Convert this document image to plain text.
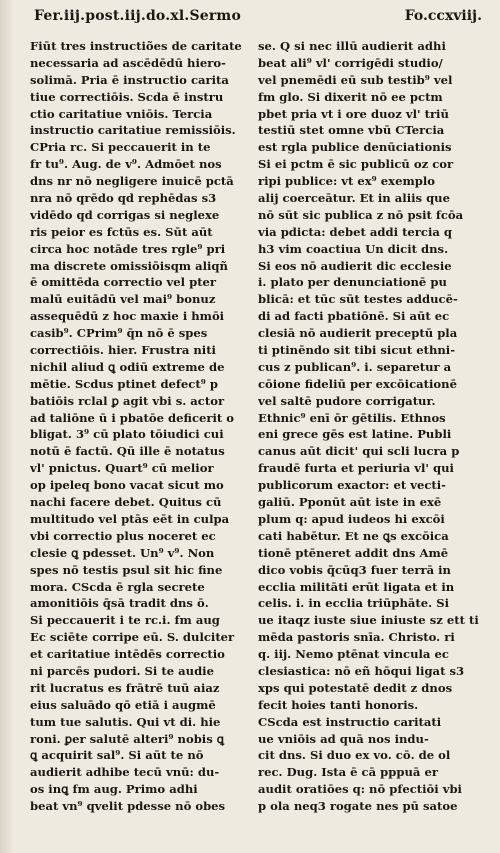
Fer.iij.post.iij.do.xl.Sermo	Fo.ccxviij.
Fiūt tres instructiões de caritate
necessaria ad ascēdēdū hiero-
solimā. Pria ē instructio carita
tiue correctiōis. Scda ē instru
ctio caritatiue vniōis. Tercia
instructio caritatiue remissiōis.
CPria rc. Si peccauerit in te
fr tu⁹. Aug. de v⁹. Admōet nos
dns nr nō negligere inuicē pctā
nra nō qrēdo qd rephēdas s3
vidēdo qd corrigas si neglexe
ris peior es fctūs es. Sūt aūt
circa hoc notāde tres rgle⁹ pri
ma discrete omissiōisqm aliqñ
ē omittēda correctio vel pter
malū euitādū vel mai⁹ bonuz
assequēdū z hoc maxie i hmōi
casib⁹. CPrim⁹ q̄n nō ē spes
correctiōis. hier. Frustra niti
nichil aliud ꝗ odiū extreme de
mētie. Scdus ptinet defect⁹ p
batiōis rclal ꝑ agit vbi s. actor
ad taliōne ū i pbatōe deficerit o
bligat. 3⁹ cū plato tōiudici cui
notū ē factū. Qū ille ē notatus
vl' pnictus. Quart⁹ cū melior
op ipeleq bono vacat sicut mo
nachi facere debet. Quitus cū
multitudo vel ptās eēt in culpa
vbi correctio plus noceret ec
clesie ꝗ pdesset. Un⁹ v⁹. Non
spes nō testis psul sit hic fine
mora. CScda ē rgla secrete
amonitiōis q̄sā tradit dns ō.
Si peccauerit i te rc.i. fm aug
Ec sciēte corripe eū. S. dulciter
et caritatiue intēdēs correctio
ni parcēs pudori. Si te audie
rit lucratus es frātrē tuū aiaz
eius saluādo qō etiā i augmē
tum tue salutis. Qui vt di. hie
roni. ꝑer salutē alteri⁹ nobis ꝗ
ꝗ acquirit sal⁹. Si aūt te nō
audierit adhibe tecū vnū: du-
os inꝗ fm aug. Primo adhi
beat vn⁹ qvelit pdesse nō obes
se. Q si nec illū audierit adhi
beat ali⁹ vl' corrigēdi studio/
vel pnemēdi eū sub testib⁹ vel
fm glo. Si dixerit nō ee pctm
pbet pria vt i ore duoz vl' triū
testiū stet omne vbū CTercia
est rgla publice denūciationis
Si ei pctm ē sic publicū oz cor
ripi publice: vt ex⁹ exemplo
alij coerceātur. Et in aliis que
nō sūt sic publica z nō psit fcōa
via pdicta: debet addi tercia q
h3 vim coactiua Un dicit dns.
Si eos nō audierit dic ecclesie
i. plato per denunciationē pu
blicā: et tūc sūt testes adducē-
di ad facti pbatiōnē. Si aūt ec
clesiā nō audierit preceptū pla
ti ptinēndo sit tibi sicut ethni-
cus z publican⁹. i. separetur a
cōione fideliū per excōicationē
vel saltē pudore corrigatur.
Ethnic⁹ enī ōr gētilis. Ethnos
eni grece gēs est latine. Publi
canus aūt dicit' qui scli lucra p
fraudē furta et periuria vl' qui
publicorum exactor: et vecti-
galiū. Pponūt aūt iste in exē
plum q: apud iudeos hi excōi
cati habētur. Et ne ꝗs excōica
tionē ptēneret addit dns Amē
dico vobis q̄cūq3 fuer terrā in
ecclia militāti erūt ligata et in
celis. i. in ecclia triūphāte. Si
ue itaqz iuste siue iniuste sz ett ti
mēda pastoris snīa. Christo. ri
q. iij. Nemo ptēnat vincula ec
clesiastica: nō eñ hōqui ligat s3
xps qui potestatē dedit z dnos
fecit hoies tanti honoris.
CScda est instructio caritati
ue vniōis ad quā nos indu-
cit dns. Si duo ex vo. cō. de ol
rec. Dug. Ista ē cā pppuā er
audit oratiōes q: nō pfectiōi vbi
p ola neq3 rogate nes pū satoe
